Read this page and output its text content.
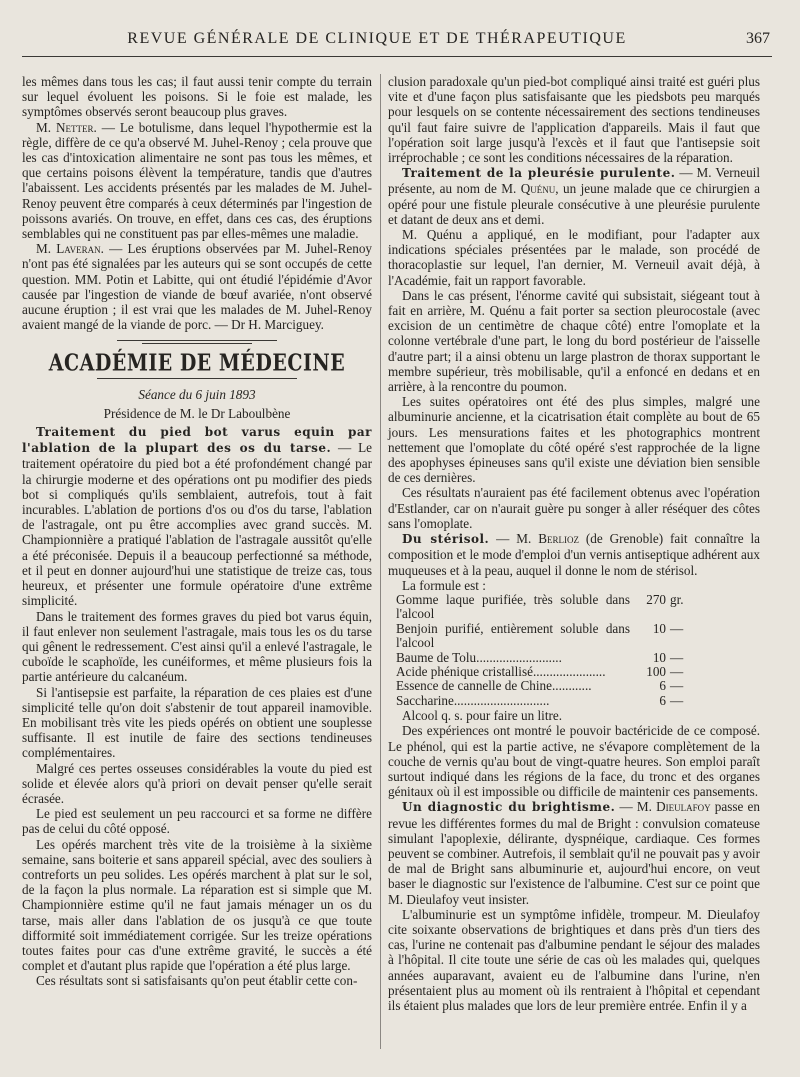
REVUE GÉNÉRALE DE CLINIQUE ET DE THÉRAPEUTIQUE	367

les mêmes dans tous les cas; il faut aussi tenir compte du terrain sur lequel évoluent les poisons. Si le foie est malade, les symptômes observés seront beaucoup plus graves.

M. Netter. — Le botulisme, dans lequel l'hypothermie est la règle, diffère de ce qu'a observé M. Juhel-Renoy ; cela prouve que les cas d'intoxication alimentaire ne sont pas tous les mêmes, et que certains poisons élèvent la température, tandis que d'autres l'abaissent. Les accidents présentés par les malades de M. Juhel-Renoy peuvent être comparés à ceux déterminés par l'ingestion de poissons avariés. On trouve, en effet, dans ces cas, des éruptions semblables qui ne constituent pas par elles-mêmes une maladie.

M. Laveran. — Les éruptions observées par M. Juhel-Renoy n'ont pas été signalées par les auteurs qui se sont occupés de cette question. MM. Potin et Labitte, qui ont étudié l'épidémie d'Avor causée par l'ingestion de viande de bœuf avariée, n'ont observé aucune éruption ; il est vrai que les malades de M. Juhel-Renoy avaient mangé de la viande de porc. — Dr H. Marciguey.

ACADÉMIE DE MÉDECINE
Séance du 6 juin 1893
Présidence de M. le Dr Laboulbène

Traitement du pied bot varus equin par l'ablation de la plupart des os du tarse. — Le traitement opératoire du pied bot a été profondément changé par la chirurgie moderne et des opérations ont pu modifier des pieds bot si compliqués qu'ils semblaient, autrefois, tout à fait incurables. L'ablation de portions d'os ou d'os du tarse, l'ablation de l'astragale, ont pu être accomplies avec grand succès. M. Championnière a pratiqué l'ablation de l'astragale aussitôt qu'elle a été préconisée. Depuis il a beaucoup perfectionné sa méthode, et il peut en donner aujourd'hui une statistique de treize cas, tous heureux, et présenter une formule opératoire d'une extrême simplicité.

Dans le traitement des formes graves du pied bot varus équin, il faut enlever non seulement l'astragale, mais tous les os du tarse qui gênent le redressement. C'est ainsi qu'il a enlevé l'astragale, le cuboïde le scaphoïde, les cunéiformes, et même plusieurs fois la partie antérieure du calcanéum.

Si l'antisepsie est parfaite, la réparation de ces plaies est d'une simplicité telle qu'on doit s'abstenir de tout appareil inamovible. En mobilisant très vite les pieds opérés on obtient une souplesse suffisante. Il est inutile de faire des sections tendineuses complémentaires.

Malgré ces pertes osseuses considérables la voute du pied est solide et élevée alors qu'à priori on devait penser qu'elle serait écrasée.

Le pied est seulement un peu raccourci et sa forme ne diffère pas de celui du côté opposé.

Les opérés marchent très vite de la troisième à la sixième semaine, sans boiterie et sans appareil spécial, avec des souliers à contreforts un peu solides. Les opérés marchent à plat sur le sol, de la façon la plus normale. La réparation est si simple que M. Championnière estime qu'il ne faut jamais ménager un os du tarse, mais aller dans l'ablation de os jusqu'à ce que toute difformité soit immédiatement corrigée. Sur les treize opérations toutes faites pour cas d'une extrême gravité, le succès a été complet et d'autant plus rapide que l'opération a été plus large.

Ces résultats sont si satisfaisants qu'on peut établir cette con-

clusion paradoxale qu'un pied-bot compliqué ainsi traité est guéri plus vite et d'une façon plus satisfaisante que les piedsbots peu marqués pour lesquels on se contente nécessairement des sections tendineuses qu'il faut faire suivre de l'application d'appareils. Mais il faut que l'opération soit large jusqu'à l'excès et il faut que l'antisepsie soit irréprochable ; ce sont les conditions nécessaires de la réparation.

Traitement de la pleurésie purulente. — M. Verneuil présente, au nom de M. Quénu, un jeune malade que ce chirurgien a opéré pour une fistule pleurale consécutive à une pleurésie purulente et datant de deux ans et demi.

M. Quénu a appliqué, en le modifiant, pour l'adapter aux indications spéciales présentées par le malade, son procédé de thoracoplastie sur lequel, l'an dernier, M. Verneuil avait déjà, à l'Académie, fait un rapport favorable.

Dans le cas présent, l'énorme cavité qui subsistait, siégeant tout à fait en arrière, M. Quénu a fait porter sa section pleurocostale (avec excision de un centimètre de chaque côté) entre l'omoplate et la colonne vertébrale d'une part, le long du bord postérieur de l'aisselle d'autre part; il a ainsi obtenu un large plastron de thorax supportant le membre supérieur, très mobilisable, qu'il a enfoncé en dedans et en arrière, à la rencontre du poumon.

Les suites opératoires ont été des plus simples, malgré une albuminurie ancienne, et la cicatrisation était complète au bout de 65 jours. Les mensurations faites et les photographics montrent nettement que l'omoplate du côté opéré s'est rapprochée de la ligne des apophyses épineuses sans qu'il existe une déviation bien sensible de ces dernières.

Ces résultats n'auraient pas été facilement obtenus avec l'opération d'Estlander, car on n'aurait guère pu songer à aller réséquer des côtes sans l'omoplate.

Du stérisol. — M. Berlioz (de Grenoble) fait connaître la composition et le mode d'emploi d'un vernis antiseptique adhérent aux muqueuses et à la peau, auquel il donne le nom de stérisol.

La formule est :

Gomme laque purifiée, très soluble dans l'alcool	270	gr.
Benjoin purifié, entièrement soluble dans l'alcool	10	—
Baume de Tolu..........................	10	—
Acide phénique cristallisé......................	100	—
Essence de cannelle de Chine............	6	—
Saccharine.............................	6	—

Alcool q. s. pour faire un litre.

Des expériences ont montré le pouvoir bactéricide de ce composé. Le phénol, qui est la partie active, ne s'évapore complètement de la couche de vernis qu'au bout de vingt-quatre heures. Son emploi paraît surtout indiqué dans les régions de la face, du tronc et des organes génitaux où il est impossible ou difficile de maintenir ces pansements.

Un diagnostic du brightisme. — M. Dieulafoy passe en revue les différentes formes du mal de Bright : convulsion comateuse simulant l'apoplexie, délirante, dyspnéique, cardiaque. Ces formes peuvent se combiner. Autrefois, il semblait qu'il ne pouvait pas y avoir de mal de Bright sans albuminurie et, aujourd'hui encore, on veut baser le diagnostic sur l'existence de l'albumine. C'est sur ce point que M. Dieulafoy veut insister.

L'albuminurie est un symptôme infidèle, trompeur. M. Dieulafoy cite soixante observations de brightiques et dans près d'un tiers des cas, l'urine ne contenait pas d'albumine pendant le séjour des malades à l'hôpital. Il cite toute une série de cas où les malades qui, quelques années auparavant, avaient eu de l'albumine dans l'urine, n'en présentaient plus au moment où ils rentraient à l'hôpital et cependant ils étaient plus malades que lors de leur première entrée. Enfin il y a
